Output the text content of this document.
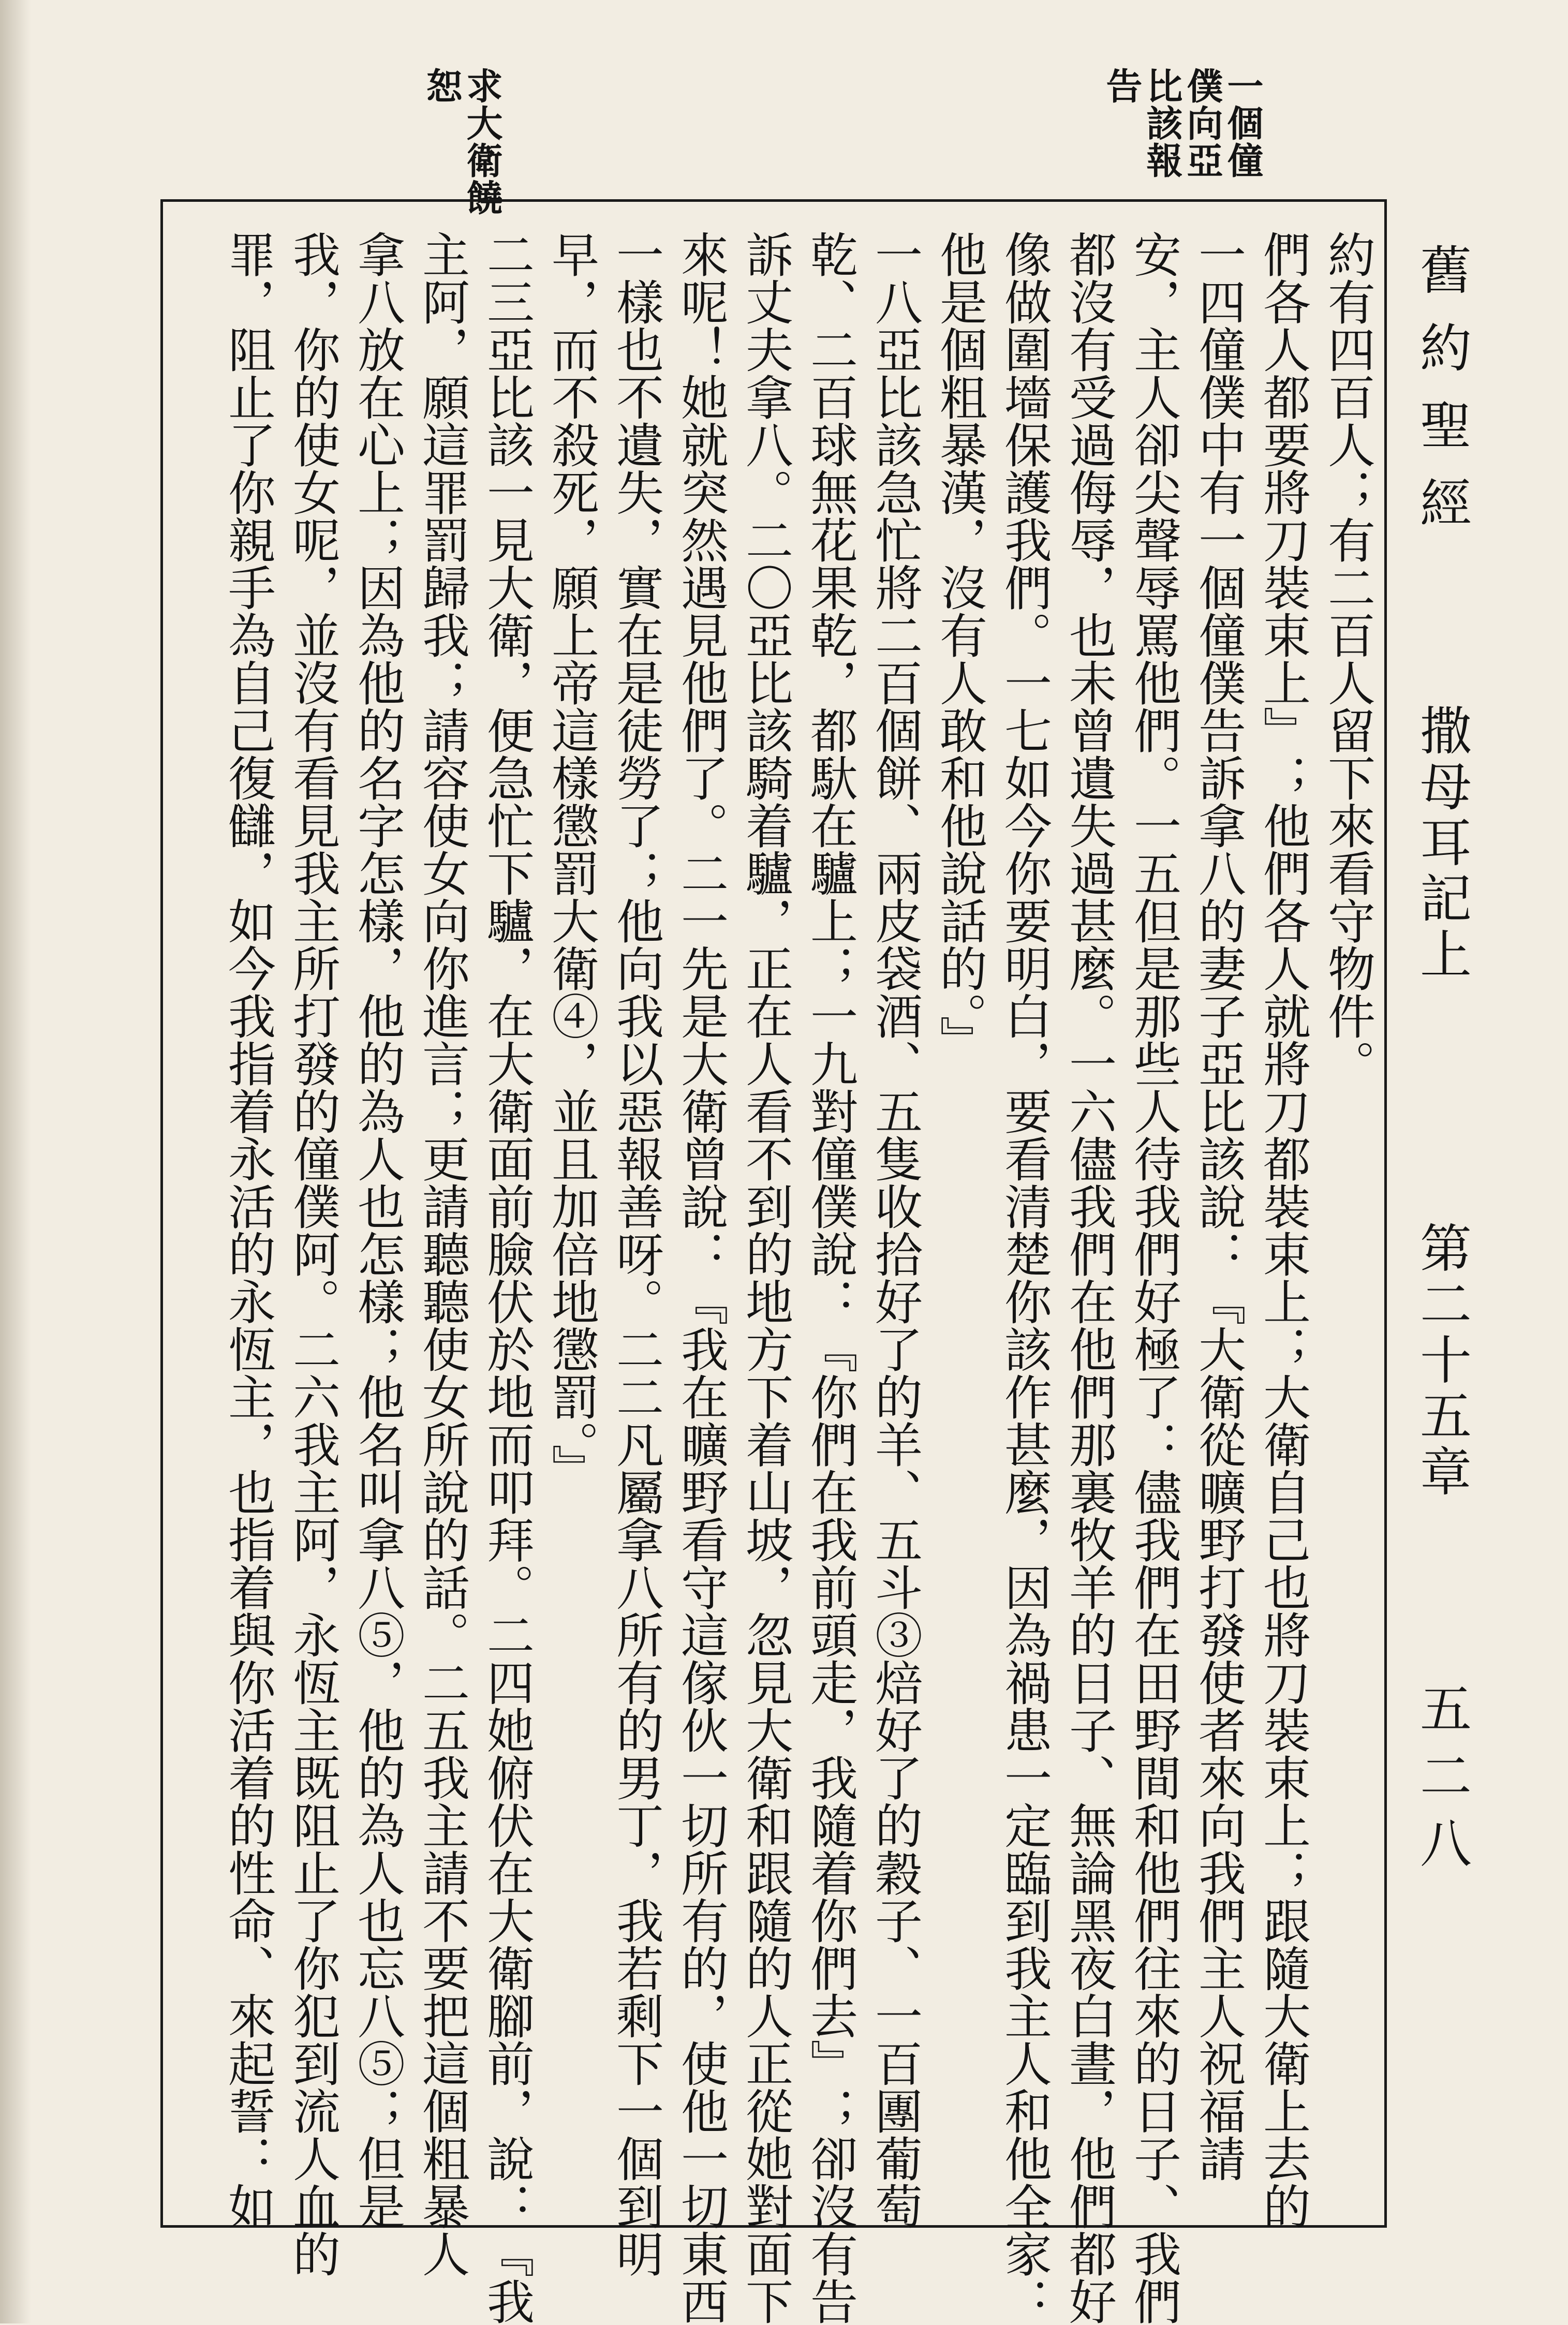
舊約聖經
撒母耳記上
第二十五章
五二八
一個僮僕向亞比該報告
求大衛饒恕
約有四百人；有二百人留下來看守物件。
們各人都要將刀裝束上』；他們各人就將刀都裝束上；大衛自己也將刀裝束上；跟隨大衛上去的
一四僮僕中有一個僮僕告訴拿八的妻子亞比該說：『大衛從曠野打發使者來向我們主人祝福請
安，主人卻尖聲辱罵他們。一五但是那些人待我們好極了：儘我們在田野間和他們往來的日子、我們
都沒有受過侮辱，也未曾遺失過甚麼。一六儘我們在他們那裏牧羊的日子、無論黑夜白晝，他們都好
像做圍墻保護我們。一七如今你要明白，要看清楚你該作甚麼，因為禍患一定臨到我主人和他全家：
他是個粗暴漢，沒有人敢和他說話的。』
一八亞比該急忙將二百個餅、兩皮袋酒、五隻收拾好了的羊、五斗③焙好了的穀子、一百團葡萄
乾、二百球無花果乾，都馱在驢上；一九對僮僕說：『你們在我前頭走，我隨着你們去』；卻沒有告
訴丈夫拿八。二〇亞比該騎着驢，正在人看不到的地方下着山坡，忽見大衛和跟隨的人正從她對面下
來呢！她就突然遇見他們了。二一先是大衛曾說：『我在曠野看守這傢伙一切所有的，使他一切東西
一樣也不遺失，實在是徒勞了；他向我以惡報善呀。二二凡屬拿八所有的男丁，我若剩下一個到明
早，而不殺死，願上帝這樣懲罰大衛④，並且加倍地懲罰。』
二三亞比該一見大衛，便急忙下驢，在大衛面前臉伏於地而叩拜。二四她俯伏在大衛腳前，說：『我
主阿，願這罪罰歸我；請容使女向你進言；更請聽聽使女所說的話。二五我主請不要把這個粗暴人
拿八放在心上；因為他的名字怎樣，他的為人也怎樣；他名叫拿八⑤，他的為人也忘八⑤；但是
我，你的使女呢，並沒有看見我主所打發的僮僕阿。二六我主阿，永恆主既阻止了你犯到流人血的
罪，阻止了你親手為自己復讎，如今我指着永活的永恆主，也指着與你活着的性命、來起誓：如
